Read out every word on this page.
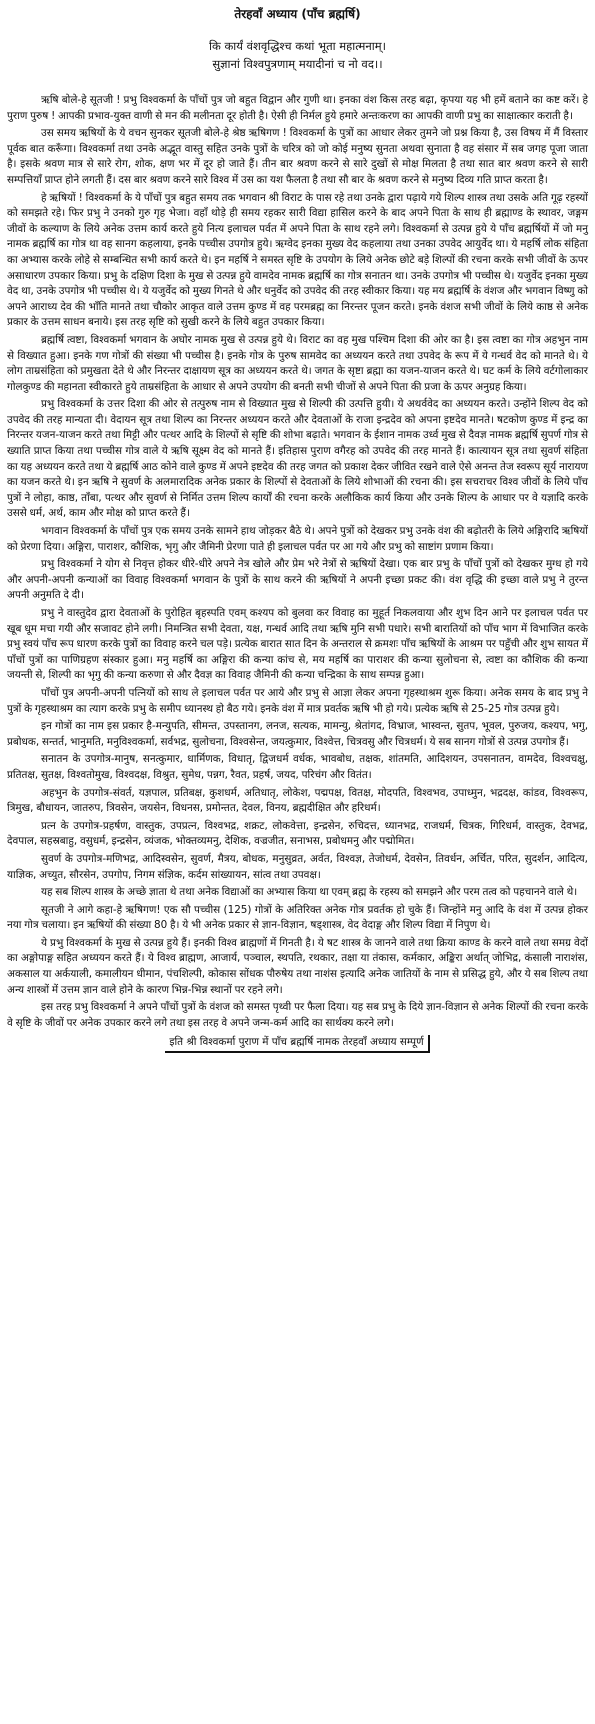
तेरहवाँ अध्याय (पाँच ब्रह्मर्षि)
कि कार्यं वंशवृद्धिश्च कथां भूता महात्मनाम्।
सुज्ञानां विश्वपुत्रणाम् मयादीनां च नो वद।।

ऋषि बोले-हे सूतजी ! प्रभु विश्वकर्मा के पाँचों पुत्र जो बहुत विद्वान और गुणी था। इनका वंश किस तरह बढ़ा, कृपया यह भी हमें बताने का कष्ट करें। हे पुराण पुरुष ! आपकी प्रभाव-युक्त वाणी से मन की मलीनता दूर होती है। ऐसी ही निर्मल हुये हमारे अन्तःकरण का आपकी वाणी प्रभु का साक्षात्कार कराती है।

उस समय ऋषियों के ये वचन सुनकर सूतजी बोले-हे श्रेष्ठ ऋषिगण ! विश्वकर्मा के पुत्रों का आधार लेकर तुमने जो प्रश्न किया है, उस विषय में मैं विस्तार पूर्वक बात करूँगा। विश्वकर्मा तथा उनके अद्भूत वास्तु सहित उनके पुत्रों के चरित्र को जो कोई मनुष्य सुनता अथवा सुनाता है वह संसार में सब जगह पूजा जाता है। इसके श्रवण मात्र से सारे रोग, शोक, क्षण भर में दूर हो जाते हैं। तीन बार श्रवण करने से सारे दुखों से मोक्ष मिलता है तथा सात बार श्रवण करने से सारी सम्पत्तियाँ प्राप्त होने लगती हैं। दस बार श्रवण करने सारे विश्व में उस का यश फैलता है तथा सौ बार के श्रवण करने से मनुष्य दिव्य गति प्राप्त करता है।

हे ऋषियों ! विश्वकर्मा के ये पाँचों पुत्र बहुत समय तक भगवान श्री विराट के पास रहे तथा उनके द्वारा पढ़ाये गये शिल्प शास्त्र तथा उसके अति गूढ़ रहस्यों को समझते रहे। फिर प्रभु ने उनको गुरु गृह भेजा। वहाँ थोड़े ही समय रहकर सारी विद्या हासिल करने के बाद अपने पिता के साथ ही ब्रह्माण्ड के स्थावर, जङ्गम जीवों के कल्याण के लिये अनेक उत्तम कार्य करते हुये नित्य इलाचल पर्वत में अपने पिता के साथ रहने लगे। विश्वकर्मा से उत्पन्न हुये ये पाँच ब्रह्मर्षियों में जो मनु नामक ब्रह्मर्षि का गोत्र था वह सानग कहलाया, इनके पच्चीस उपगोत्र हुये। ऋग्वेद इनका मुख्य वेद कहलाया तथा उनका उपवेद आयुर्वेद था। ये महर्षि लोक संहिता का अभ्यास करके लोहे से सम्बन्धित सभी कार्य करते थे। इन महर्षि ने समस्त सृष्टि के उपयोग के लिये अनेक छोटे बड़े शिल्पों की रचना करके सभी जीवों के ऊपर असाधारण उपकार किया। प्रभु के दक्षिण दिशा के मुख से उत्पन्न हुये वामदेव नामक ब्रह्मर्षि का गोत्र सनातन था। उनके उपगोत्र भी पच्चीस थे। यजुर्वेद इनका मुख्य वेद था, उनके उपगोत्र भी पच्चीस थे। ये यजुर्वेद को मुख्य गिनते थे और धनुर्वेद को उपवेद की तरह स्वीकार किया। यह मय ब्रह्मर्षि के वंशज और भगवान विष्णु को अपने आराध्य देव की भाँति मानते तथा चौकोर आकृत वाले उत्तम कुण्ड में वह परमब्रह्म का निरन्तर पूजन करते। इनके वंशज सभी जीवों के लिये काष्ठ से अनेक प्रकार के उत्तम साधन बनाये। इस तरह सृष्टि को सुखी करने के लिये बहुत उपकार किया।

ब्रह्मर्षि त्वष्टा, विश्वकर्मा भगवान के अघोर नामक मुख से उत्पन्न हुये थे। विराट का वह मुख पश्चिम दिशा की ओर का है। इस त्वष्टा का गोत्र अहभुन नाम से विख्यात हुआ। इनके गण गोत्रों की संख्या भी पच्चीस है। इनके गोत्र के पुरुष सामवेद का अध्ययन करते तथा उपवेद के रूप में ये गन्धर्व वेद को मानते थे। ये लोग ताम्रसंहिता को प्रमुखता देते थे और निरन्तर दाक्षायण सूत्र का अध्ययन करते थे। जगत के सृष्टा ब्रह्मा का यजन-याजन करते थे। घट कर्म के लिये वर्टगोलाकार गोलकुण्ड की महानता स्वीकारते हुये ताम्रसंहिता के आधार से अपने उपयोग की बनती सभी चीजों से अपने पिता की प्रजा के ऊपर अनुग्रह किया।

प्रभु विश्वकर्मा के उत्तर दिशा की ओर से तत्पुरुष नाम से विख्यात मुख से शिल्पी की उत्पत्ति हुयी। ये अथर्ववेद का अध्ययन करते। उन्होंने शिल्प वेद को उपवेद की तरह मान्यता दी। वेदायन सूत्र तथा शिल्प का निरन्तर अध्ययन करते और देवताओं के राजा इन्द्रदेव को अपना इष्टदेव मानते। षटकोण कुण्ड में इन्द्र का निरन्तर यजन-याजन करते तथा मिट्टी और पत्थर आदि के शिल्पों से सृष्टि की शोभा बढ़ाते। भगवान के ईशान नामक उर्ध्व मुख से दैवज्ञ नामक ब्रह्मर्षि सुपर्ण गोत्र से ख्याति प्राप्त किया तथा पच्चीस गोत्र वाले ये ऋषि सूक्ष्म वेद को मानते हैं। इतिहास पुराण वगैरह को उपवेद की तरह मानते हैं। कात्यायन सूत्र तथा सुवर्ण संहिता का यह अध्ययन करते तथा ये ब्रह्मर्षि आठ कोने वाले कुण्ड में अपने इष्टदेव की तरह जगत को प्रकाश देकर जीवित रखने वाले ऐसे अनन्त तेज स्वरूप सूर्य नारायण का यजन करते थे। इन ऋषि ने सुवर्ण के अलमारादिक अनेक प्रकार के शिल्पों से देवताओं के लिये शोभाओं की रचना की। इस सचराचर विश्व जीवों के लिये पाँच पुत्रों ने लोहा, काष्ठ, ताँबा, पत्थर और सुवर्ण से निर्मित उत्तम शिल्प कार्यों की रचना करके अलौकिक कार्य किया और उनके शिल्प के आधार पर वे यज्ञादि करके उससे धर्म, अर्थ, काम और मोक्ष को प्राप्त करते हैं।

भगवान विश्वकर्मा के पाँचों पुत्र एक समय उनके सामने हाथ जोड़कर बैठे थे। अपने पुत्रों को देखकर प्रभु उनके वंश की बढ़ोतरी के लिये अङ्गिरादि ऋषियों को प्रेरणा दिया। अङ्गिरा, पाराशर, कौशिक, भृगु और जैमिनी प्रेरणा पाते ही इलाचल पर्वत पर आ गये और प्रभु को साष्टांग प्रणाम किया।

प्रभु विश्वकर्मा ने योग से निवृत्त होकर धीरे-धीरे अपने नेत्र खोले और प्रेम भरे नेत्रों से ऋषियों देखा। एक बार प्रभु के पाँचों पुत्रों को देखकर मुग्ध हो गये और अपनी-अपनी कन्याओं का विवाह विश्वकर्मा भगवान के पुत्रों के साथ करने की ऋषियों ने अपनी इच्छा प्रकट की। वंश वृद्धि की इच्छा वाले प्रभु ने तुरन्त अपनी अनुमति दे दी।

प्रभु ने वास्तुदेव द्वारा देवताओं के पुरोहित बृहस्पति एवम् कश्यप को बुलवा कर विवाह का मुहूर्त निकलवाया और शुभ दिन आने पर इलाचल पर्वत पर खूब धूम मचा गयी और सजावट होने लगी। निमन्त्रित सभी देवता, यक्ष, गन्धर्व आदि तथा ऋषि मुनि सभी पधारे। सभी बारातियों को पाँच भाग में विभाजित करके प्रभु स्वयं पाँच रूप धारण करके पुत्रों का विवाह करने चल पड़े। प्रत्येक बारात सात दिन के अन्तराल से क्रमशः पाँच ऋषियों के आश्रम पर पहुँची और शुभ सायत में पाँचों पुत्रों का पाणिग्रहण संस्कार हुआ। मनु महर्षि का अङ्गिरा की कन्या कांच से, मय महर्षि का पाराशर की कन्या सुलोचना से, त्वष्टा का कौशिक की कन्या जयन्ती से, शिल्पी का भृगु की कन्या करुणा से और दैवज्ञ का विवाह जैमिनी की कन्या चन्द्रिका के साथ सम्पन्न हुआ।

पाँचों पुत्र अपनी-अपनी पत्नियों को साथ ले इलाचल पर्वत पर आये और प्रभु से आज्ञा लेकर अपना गृहस्थाश्रम शुरू किया। अनेक समय के बाद प्रभु ने पुत्रों के गृहस्थाश्रम का त्याग करके प्रभु के समीप ध्यानस्थ हो बैठ गये। इनके वंश में मात्र प्रवर्तक ऋषि भी हो गये। प्रत्येक ऋषि से 25-25 गोत्र उत्पन्न हुये।

इन गोत्रों का नाम इस प्रकार है-मन्युपति, सीमन्त, उपस्तानग, लनज, सत्यक, मामन्यु, श्रेतांगद, विभ्राज, भास्वन्त, सुतप, भूवल, पुरुजय, कश्यप, भगु, प्रबोधक, सन्तर्त, भानुमति, मनुविश्वकर्मा, सर्वभद्र, सुलोचना, विश्वसेन्त, जयत्कुमार, विश्वेत्त, चित्रवसु और चित्रधर्म। ये सब सानग गोत्रों से उत्पन्न उपगोत्र हैं।

सनातन के उपगोत्र-मानुष, सनत्कुमार, धार्मिणक, विधातृ, द्विजधर्म वर्धक, भावबोध, तक्षक, शांतमति, आदिशयन, उपसनातन, वामदेव, विश्वचक्षु, प्रतितक्ष, सुतक्ष, विश्वतोमुख, विश्वदक्ष, विश्रुत, सुमेध, पन्नग, रैवत, प्रहर्ष, जयद, परिचंग और वितंत।

अहभुन के उपगोत्र-संवर्त, यज्ञपाल, प्रतिबक्ष, कुशधर्म, अतिधातृ, लोकेश, पद्मपक्ष, वितक्ष, मोदपति, विश्वभव, उपाध्मुन, भद्रदक्ष, कांडव, विश्वरूप, त्रिमुख, बौधायन, जातरुप, त्रिवसेन, जयसेन, विधनस, प्रमोन्तत, देवल, विनय, ब्रह्मदीक्षित और हरिधर्म।

प्रत्न के उपगोत्र-प्रहर्षण, वास्तुक, उपप्रत्न, विश्वभद्र, शक्रट, लोकवेत्ता, इन्द्रसेन, रुचिदत्त, ध्यानभद्र, राजधर्म, चित्रक, गिरिधर्म, वास्तुक, देवभद्र, देवपाल, सहस्रबाहु, वसुधर्म, इन्द्रसेन, व्यंजक, भोक्तव्यमनु, देशिक, वज्रजीत, सनाभस, प्रबोधमनु और पद्मोमित।

सुवर्ण के उपगोत्र-मणिभद्र, आदिस्वसेन, सुवर्ण, मैत्रय, बोधक, मनुसुव्रत, अर्वत, विश्वज्ञ, तेजोधर्म, देवसेन, तिवर्धन, अर्चित, परित, सुदर्शन, आदित्य, याज्ञिक, अच्युत, सौरसेन, उपगोप, निगम संज्ञिक, कर्दम सांख्यायन, सांत्व तथा उपवक्ष।

यह सब शिल्प शास्त्र के अच्छे ज्ञाता थे तथा अनेक विद्याओं का अभ्यास किया था एवम् ब्रह्म के रहस्य को समझने और परम तत्व को पहचानने वाले थे।

सूतजी ने आगे कहा-हे ऋषिगण! एक सौ पच्चीस (125) गोत्रों के अतिरिक्त अनेक गोत्र प्रवर्तक हो चुके हैं। जिन्होंने मनु आदि के वंश में उत्पन्न होकर नया गोत्र चलाया। इन ऋषियों की संख्या 80 है। ये भी अनेक प्रकार से ज्ञान-विज्ञान, षड्शास्त्र, वेद वेदाङ्ग और शिल्प विद्या में निपुण थे।

ये प्रभु विश्वकर्मा के मुख से उत्पन्न हुये हैं। इनकी विश्व ब्राह्मणों में गिनती है। ये षट शास्त्र के जानने वाले तथा क्रिया काण्ड के करने वाले तथा समग्र वेदों का अङ्गोपाङ्ग सहित अध्ययन करते हैं। ये विश्व ब्राह्मण, आजार्य, पञ्चाल, स्थपति, रथकार, तक्षा या तंकास, कर्मकार, अङ्किरा अर्थात् जोभिद्र, कंसाली नाराशंस, अकसाल या अर्कयाली, कमालीयन धीमान, पंचशिल्पी, कोकास सोंधक पौरुषेय तथा नाशंस इत्यादि अनेक जातियों के नाम से प्रसिद्ध हुये, और ये सब शिल्प तथा अन्य शास्त्रों में उत्तम ज्ञान वाले होने के कारण भिन्न-भिन्न स्थानों पर रहने लगे।

इस तरह प्रभु विश्वकर्मा ने अपने पाँचों पुत्रों के वंशज को समस्त पृथ्वी पर फैला दिया। यह सब प्रभु के दिये ज्ञान-विज्ञान से अनेक शिल्पों की रचना करके वे सृष्टि के जीवों पर अनेक उपकार करने लगे तथा इस तरह वे अपने जन्म-कर्म आदि का सार्थक्य करने लगे।

इति श्री विश्वकर्मा पुराण में पाँच ब्रह्मर्षि नामक तेरहवाँ अध्याय सम्पूर्ण
